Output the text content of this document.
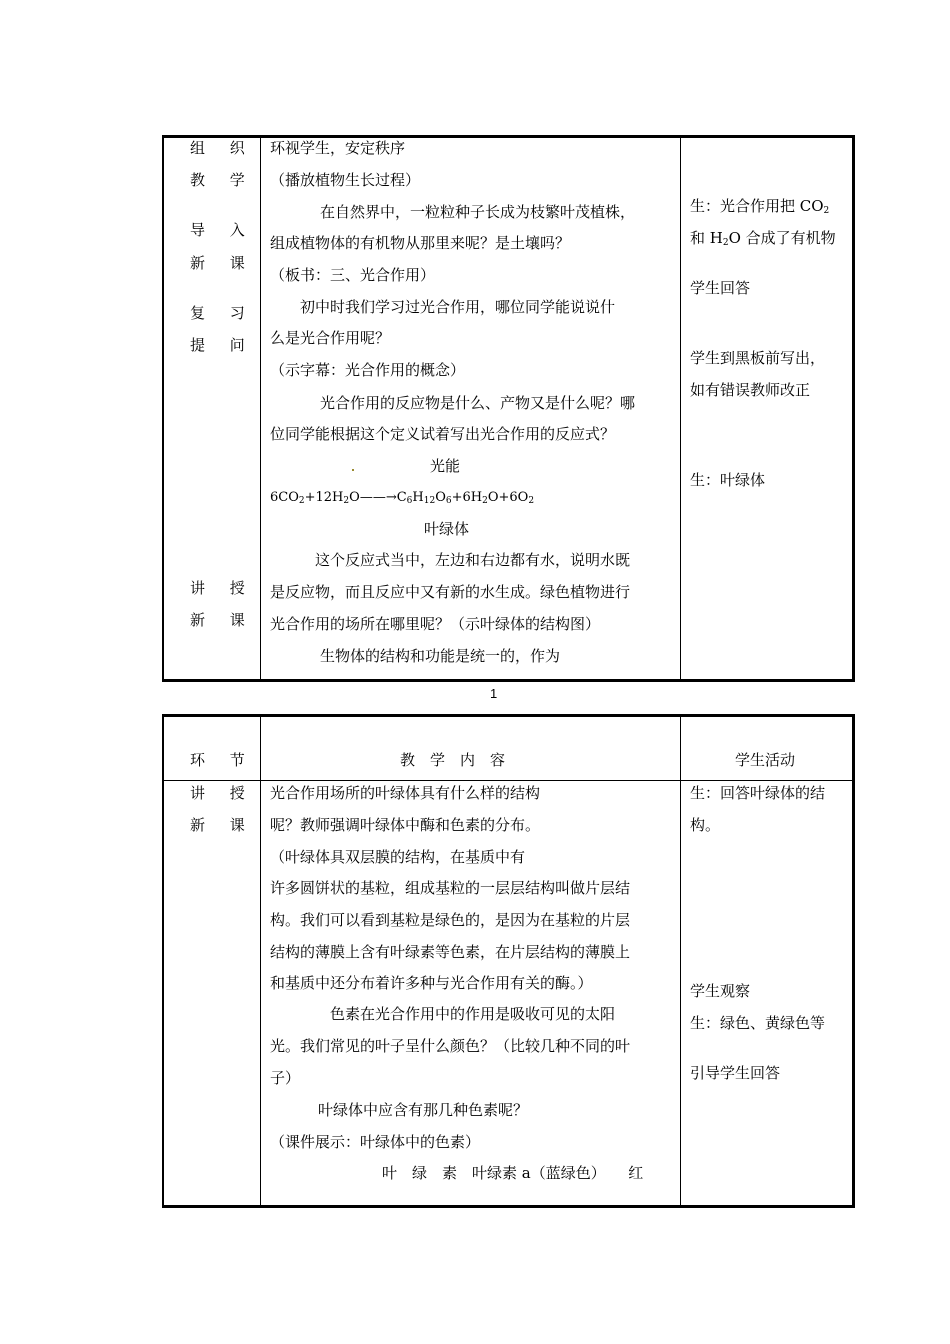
组 织
教 学
导 入
新 课
复 习
提 问
讲 授
新 课
环视学生，安定秩序
（播放植物生长过程）
在自然界中，一粒粒种子长成为枝繁叶茂植株，
组成植物体的有机物从那里来呢？是土壤吗？
（板书：三、光合作用）
初中时我们学习过光合作用，哪位同学能说说什
么是光合作用呢？
（示字幕：光合作用的概念）
光合作用的反应物是什么、产物又是什么呢？哪
位同学能根据这个定义试着写出光合作用的反应式？
光能
$6CO_2+12H_2O——\to C_6H_{12}O_6+6H_2O+6O_2$
叶绿体
这个反应式当中，左边和右边都有水，说明水既
是反应物，而且反应中又有新的水生成。绿色植物进行
光合作用的场所在哪里呢？（示叶绿体的结构图）
生物体的结构和功能是统一的，作为
生：光合作用把 $CO_2$
和 $H_2O$ 合成了有机物
学生回答
学生到黑板前写出，
如有错误教师改正
生：叶绿体
1
环 节	教　学　内　容	学生活动
讲 授
新 课
光合作用场所的叶绿体具有什么样的结构
呢？教师强调叶绿体中酶和色素的分布。
（叶绿体具双层膜的结构，在基质中有
许多圆饼状的基粒，组成基粒的一层层结构叫做片层结
构。我们可以看到基粒是绿色的，是因为在基粒的片层
结构的薄膜上含有叶绿素等色素，在片层结构的薄膜上
和基质中还分布着许多种与光合作用有关的酶。）
色素在光合作用中的作用是吸收可见的太阳
光。我们常见的叶子呈什么颜色？（比较几种不同的叶
子）
叶绿体中应含有那几种色素呢？
（课件展示：叶绿体中的色素）
叶　绿　素　叶绿素 a（蓝绿色）　　红
生：回答叶绿体的结
构。
学生观察
生：绿色、黄绿色等
引导学生回答
